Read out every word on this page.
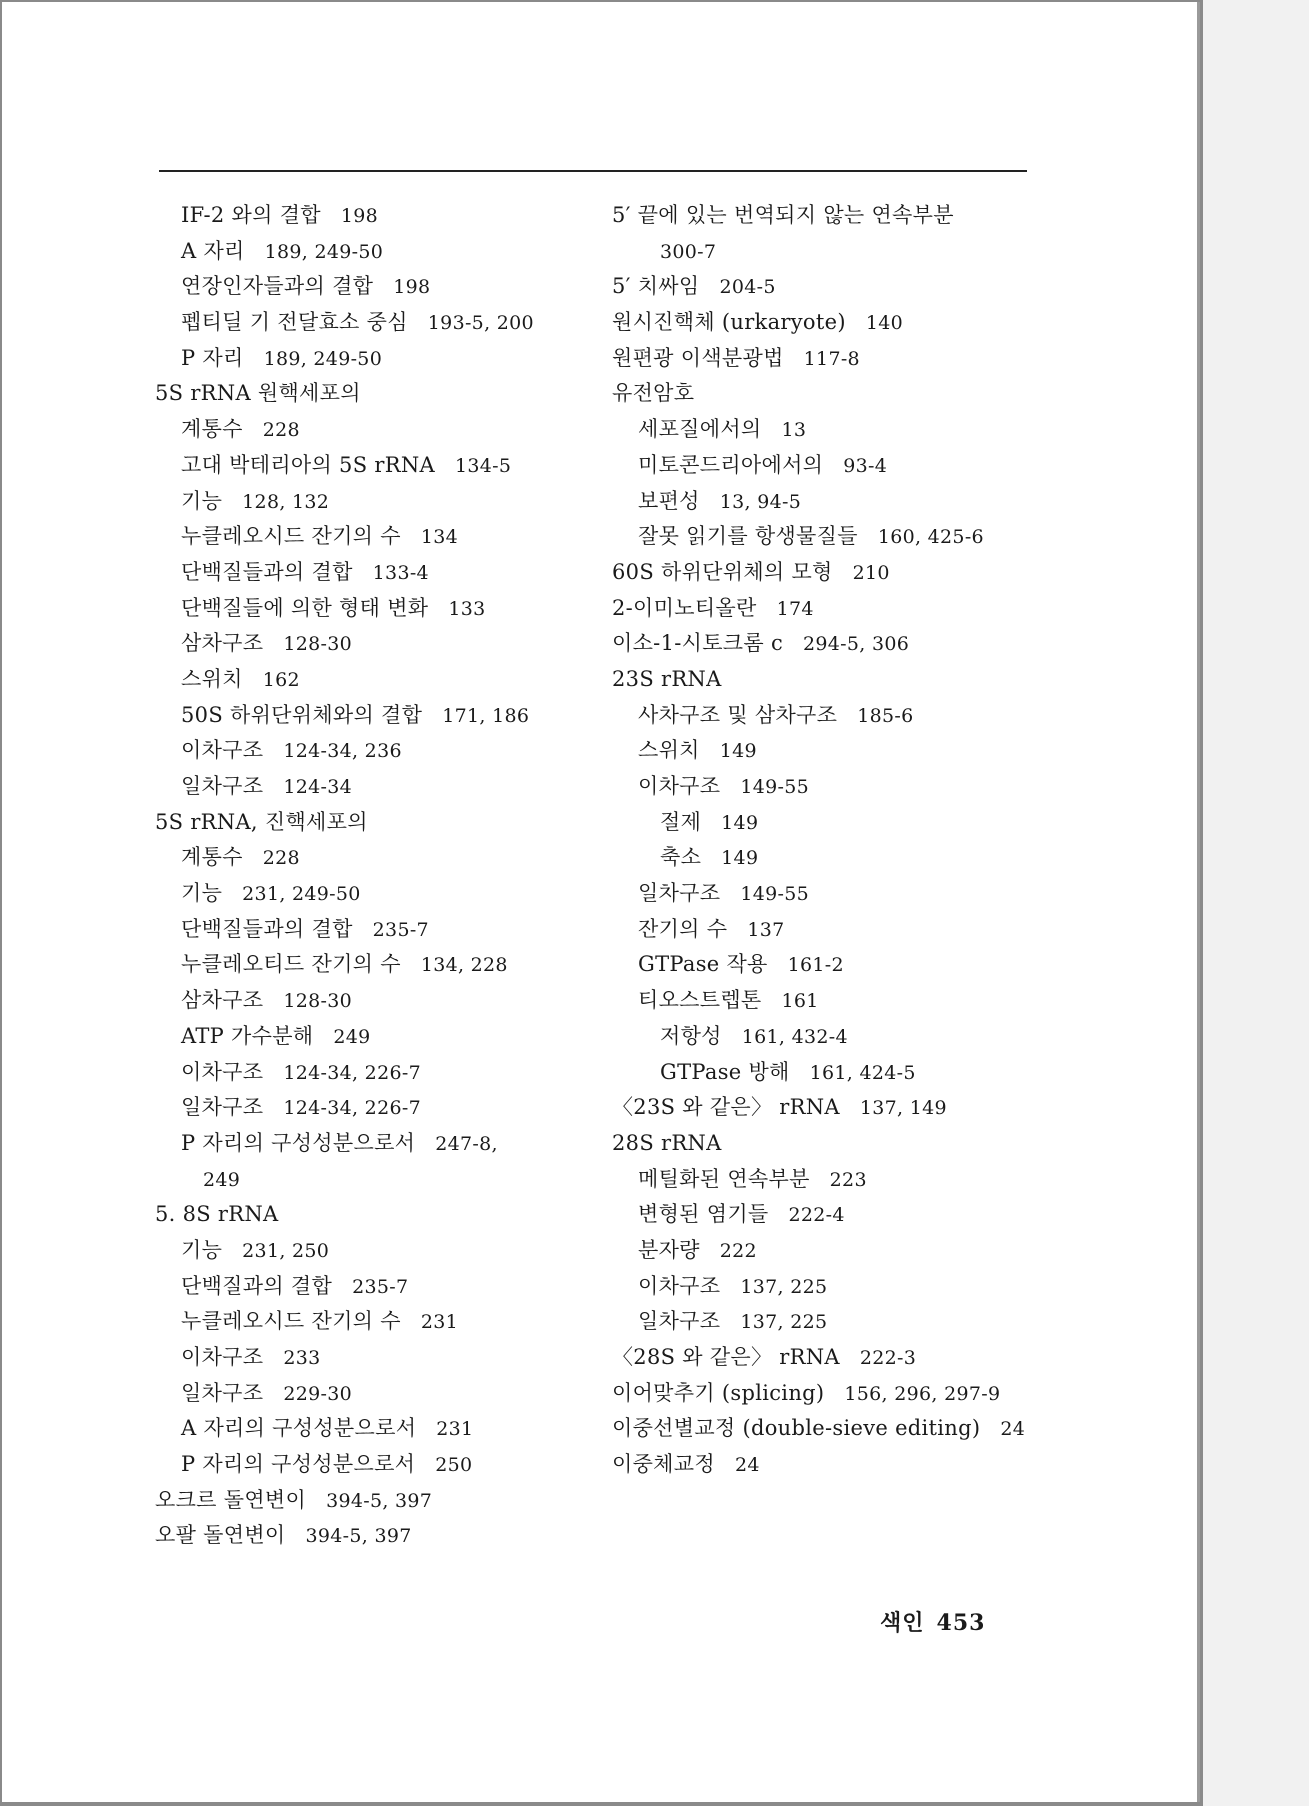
IF-2 와의 결합 198
A 자리 189, 249-50
연장인자들과의 결합 198
펩티딜 기 전달효소 중심 193-5, 200
P 자리 189, 249-50
5S rRNA 원핵세포의
계통수 228
고대 박테리아의 5S rRNA 134-5
기능 128, 132
누클레오시드 잔기의 수 134
단백질들과의 결합 133-4
단백질들에 의한 형태 변화 133
삼차구조 128-30
스위치 162
50S 하위단위체와의 결합 171, 186
이차구조 124-34, 236
일차구조 124-34
5S rRNA, 진핵세포의
계통수 228
기능 231, 249-50
단백질들과의 결합 235-7
누클레오티드 잔기의 수 134, 228
삼차구조 128-30
ATP 가수분해 249
이차구조 124-34, 226-7
일차구조 124-34, 226-7
P 자리의 구성성분으로서 247-8,
249
5. 8S rRNA
기능 231, 250
단백질과의 결합 235-7
누클레오시드 잔기의 수 231
이차구조 233
일차구조 229-30
A 자리의 구성성분으로서 231
P 자리의 구성성분으로서 250
오크르 돌연변이 394-5, 397
오팔 돌연변이 394-5, 397
5′ 끝에 있는 번역되지 않는 연속부분
300-7
5′ 치싸임 204-5
원시진핵체 (urkaryote) 140
원편광 이색분광법 117-8
유전암호
세포질에서의 13
미토콘드리아에서의 93-4
보편성 13, 94-5
잘못 읽기를 항생물질들 160, 425-6
60S 하위단위체의 모형 210
2-이미노티올란 174
이소-1-시토크롬 c 294-5, 306
23S rRNA
사차구조 및 삼차구조 185-6
스위치 149
이차구조 149-55
절제 149
축소 149
일차구조 149-55
잔기의 수 137
GTPase 작용 161-2
티오스트렙톤 161
저항성 161, 432-4
GTPase 방해 161, 424-5
〈23S 와 같은〉 rRNA 137, 149
28S rRNA
메틸화된 연속부분 223
변형된 염기들 222-4
분자량 222
이차구조 137, 225
일차구조 137, 225
〈28S 와 같은〉 rRNA 222-3
이어맞추기 (splicing) 156, 296, 297-9
이중선별교정 (double-sieve editing) 24
이중체교정 24
색인 453
